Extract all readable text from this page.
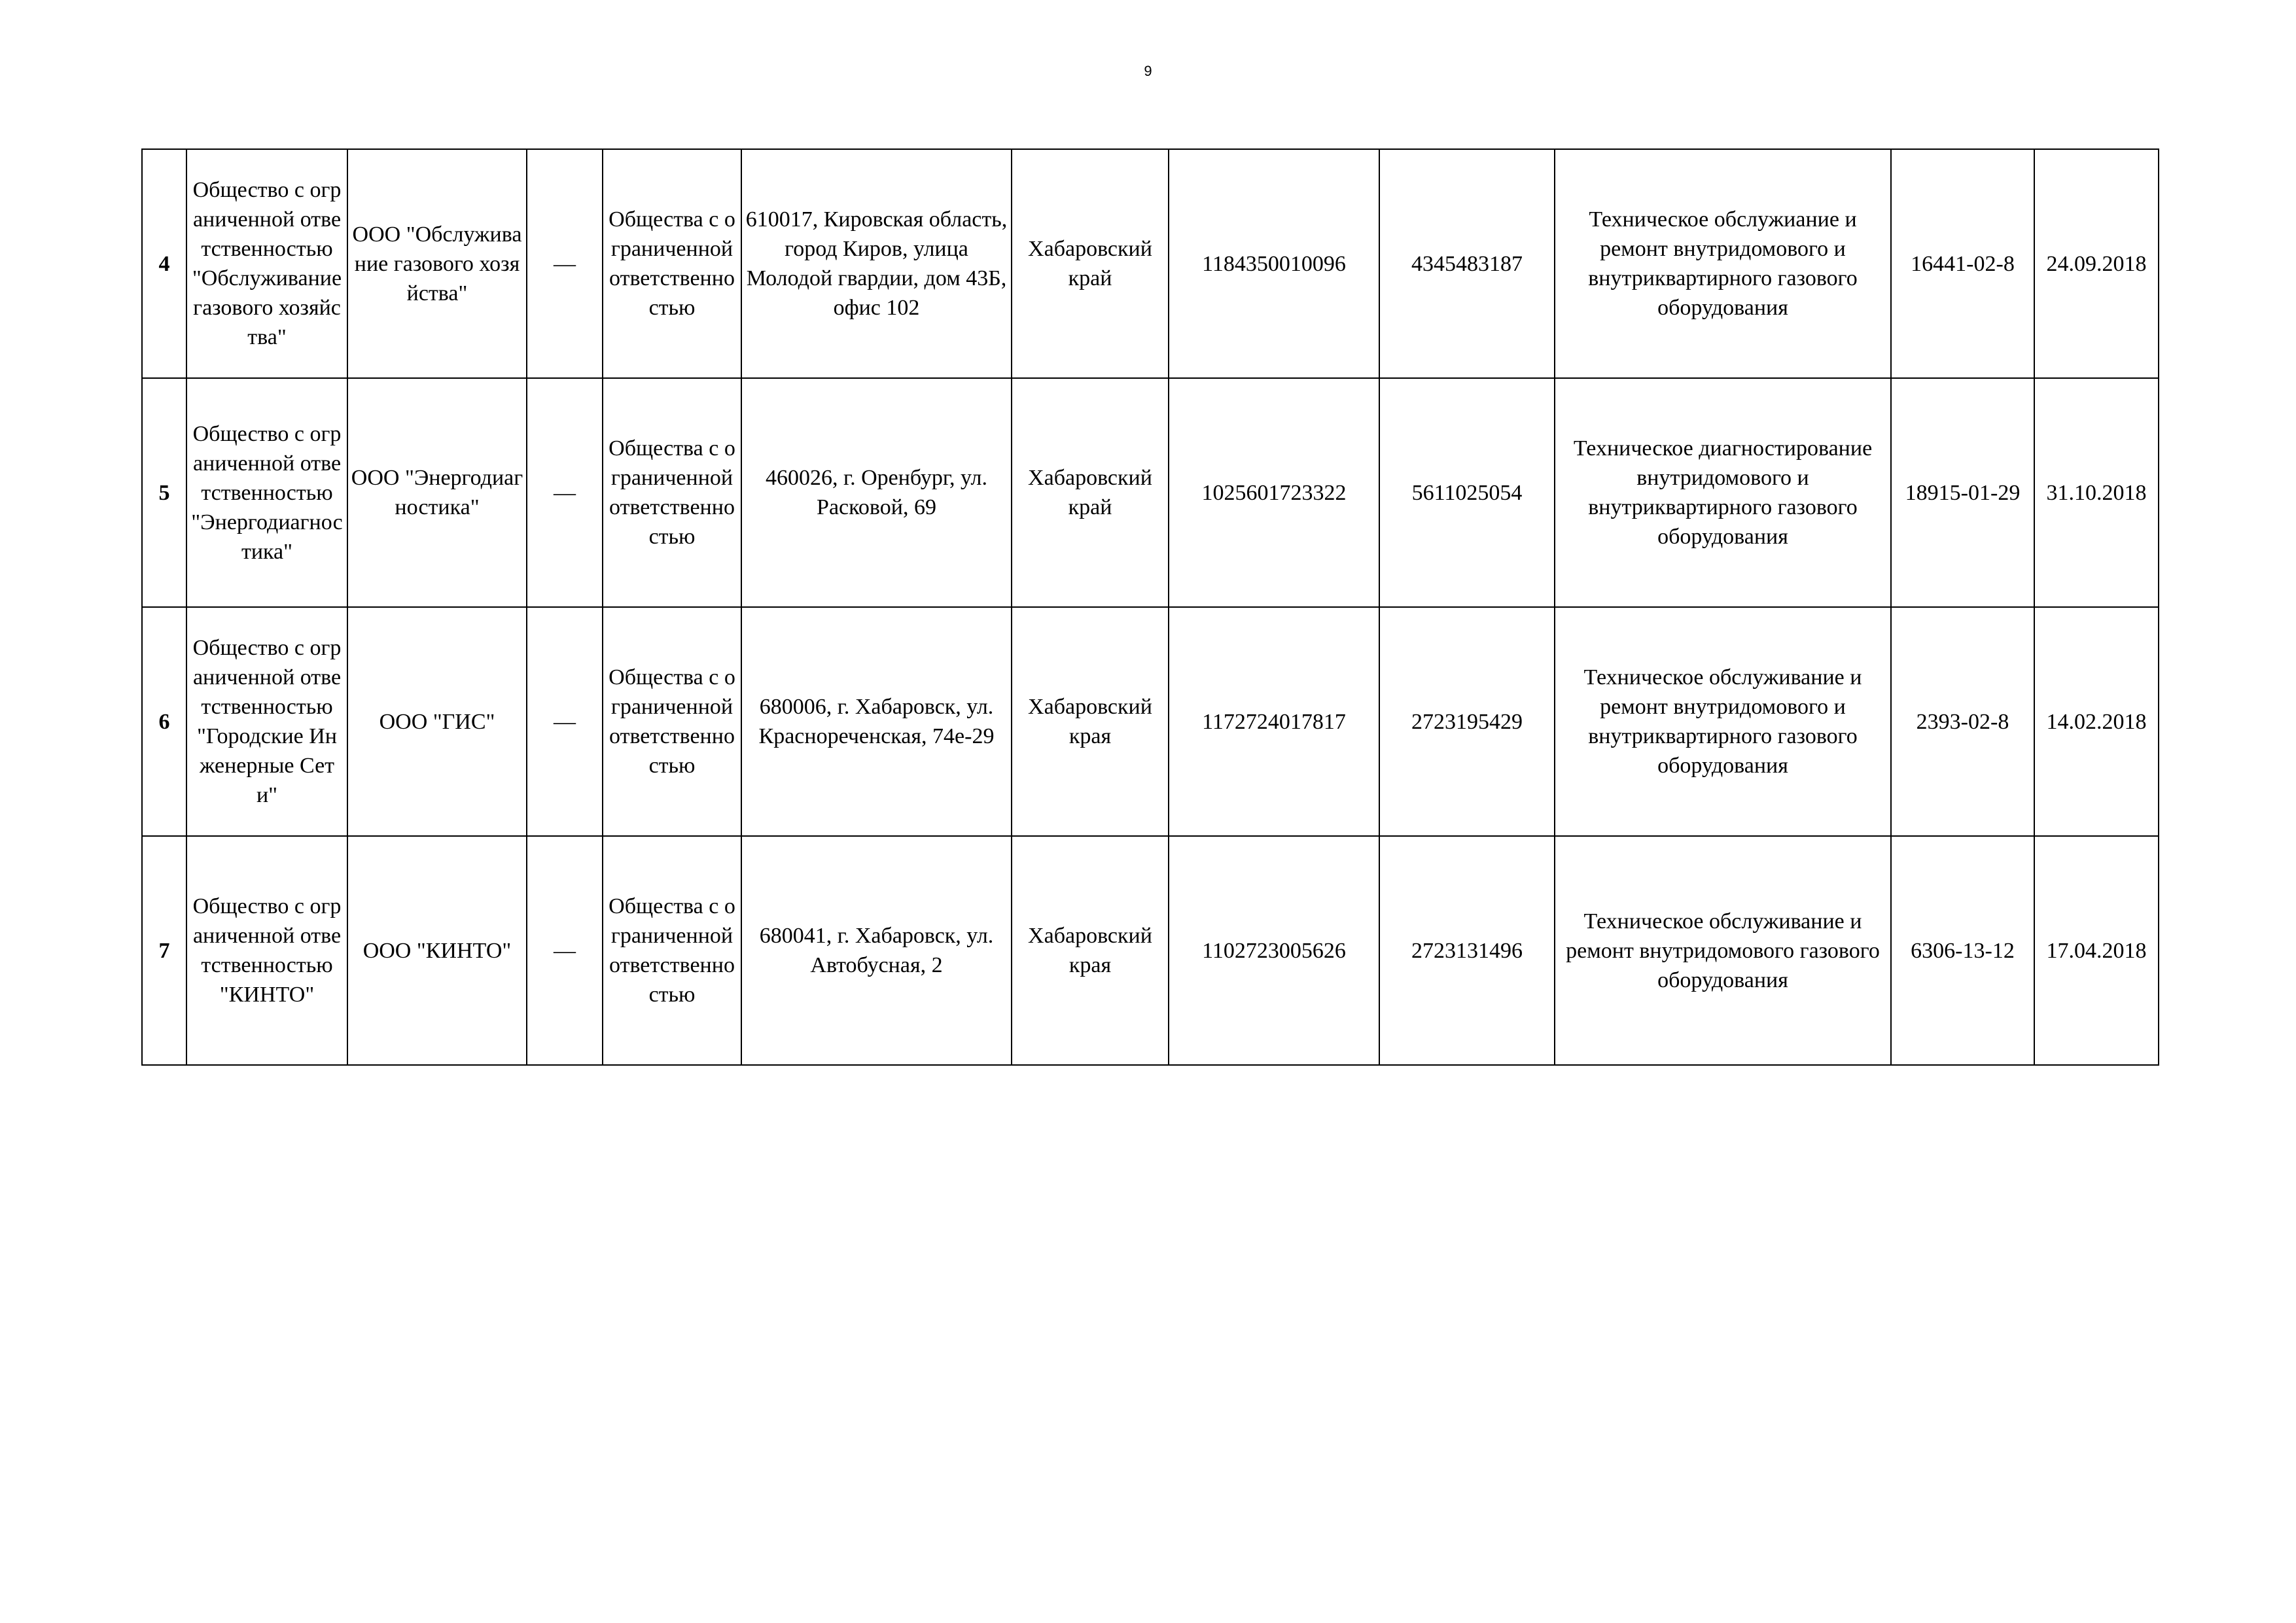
9
4	Общество с ограниченной ответственностью "Обслуживание газового хозяйства"	ООО "Обслуживание газового хозяйства"	—	Общества с ограниченной ответственностью	610017, Кировская область, город Киров, улица Молодой гвардии, дом 43Б, офис 102	Хабаровский край	1184350010096	4345483187	Техническое обслужиание и ремонт внутридомового и внутриквартирного газового оборудования	16441-02-8	24.09.2018
5	Общество с ограниченной ответственностью "Энергодиагностика"	ООО "Энергодиагностика"	—	Общества с ограниченной ответственностью	460026, г. Оренбург, ул. Расковой, 69	Хабаровский край	1025601723322	5611025054	Техническое диагностирование внутридомового и внутриквартирного газового оборудования	18915-01-29	31.10.2018
6	Общество с ограниченной ответственностью "Городские Инженерные Сети"	ООО "ГИС"	—	Общества с ограниченной ответственностью	680006, г. Хабаровск, ул. Краснореченская, 74е-29	Хабаровский края	1172724017817	2723195429	Техническое обслуживание и ремонт внутридомового и внутриквартирного газового оборудования	2393-02-8	14.02.2018
7	Общество с ограниченной ответственностью "КИНТО"	ООО "КИНТО"	—	Общества с ограниченной ответственностью	680041, г. Хабаровск, ул. Автобусная, 2	Хабаровский края	1102723005626	2723131496	Техническое обслуживание и ремонт внутридомового газового оборудования	6306-13-12	17.04.2018
